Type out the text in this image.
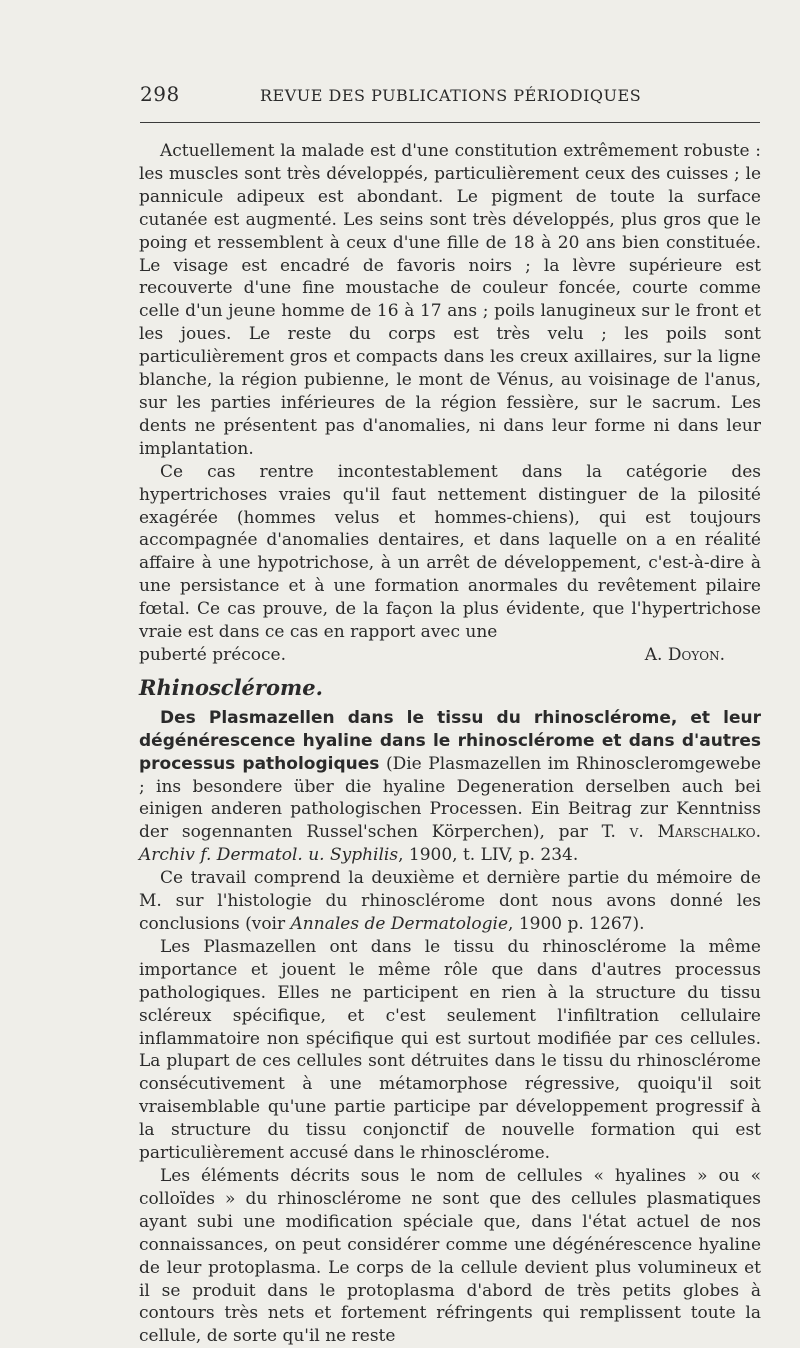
298	REVUE DES PUBLICATIONS PÉRIODIQUES

Actuellement la malade est d'une constitution extrêmement robuste : les muscles sont très développés, particulièrement ceux des cuisses ; le pannicule adipeux est abondant. Le pigment de toute la surface cutanée est augmenté. Les seins sont très développés, plus gros que le poing et ressemblent à ceux d'une fille de 18 à 20 ans bien constituée. Le visage est encadré de favoris noirs ; la lèvre supérieure est recouverte d'une fine moustache de couleur foncée, courte comme celle d'un jeune homme de 16 à 17 ans ; poils lanugineux sur le front et les joues. Le reste du corps est très velu ; les poils sont particulièrement gros et compacts dans les creux axillaires, sur la ligne blanche, la région pubienne, le mont de Vénus, au voisinage de l'anus, sur les parties inférieures de la région fessière, sur le sacrum. Les dents ne présentent pas d'anomalies, ni dans leur forme ni dans leur implantation.

Ce cas rentre incontestablement dans la catégorie des hypertrichoses vraies qu'il faut nettement distinguer de la pilosité exagérée (hommes velus et hommes-chiens), qui est toujours accompagnée d'anomalies dentaires, et dans laquelle on a en réalité affaire à une hypotrichose, à un arrêt de développement, c'est-à-dire à une persistance et à une formation anormales du revêtement pilaire fœtal. Ce cas prouve, de la façon la plus évidente, que l'hypertrichose vraie est dans ce cas en rapport avec une

puberté précoce.	A. Doyon.

Rhinosclérome.

Des Plasmazellen dans le tissu du rhinosclérome, et leur dégénérescence hyaline dans le rhinosclérome et dans d'autres processus pathologiques (Die Plasmazellen im Rhinoscleromgewebe ; ins besondere über die hyaline Degeneration derselben auch bei einigen anderen pathologischen Processen. Ein Beitrag zur Kenntniss der sogennanten Russel'schen Körperchen), par T. v. Marschalko. Archiv f. Dermatol. u. Syphilis, 1900, t. LIV, p. 234.

Ce travail comprend la deuxième et dernière partie du mémoire de M. sur l'histologie du rhinosclérome dont nous avons donné les conclusions (voir Annales de Dermatologie, 1900 p. 1267).

Les Plasmazellen ont dans le tissu du rhinosclérome la même importance et jouent le même rôle que dans d'autres processus pathologiques. Elles ne participent en rien à la structure du tissu scléreux spécifique, et c'est seulement l'infiltration cellulaire inflammatoire non spécifique qui est surtout modifiée par ces cellules. La plupart de ces cellules sont détruites dans le tissu du rhinosclérome consécutivement à une métamorphose régressive, quoiqu'il soit vraisemblable qu'une partie participe par développement progressif à la structure du tissu conjonctif de nouvelle formation qui est particulièrement accusé dans le rhinosclérome.

Les éléments décrits sous le nom de cellules « hyalines » ou « colloïdes » du rhinosclérome ne sont que des cellules plasmatiques ayant subi une modification spéciale que, dans l'état actuel de nos connaissances, on peut considérer comme une dégénérescence hyaline de leur protoplasma. Le corps de la cellule devient plus volumineux et il se produit dans le protoplasma d'abord de très petits globes à contours très nets et fortement réfringents qui remplissent toute la cellule, de sorte qu'il ne reste
